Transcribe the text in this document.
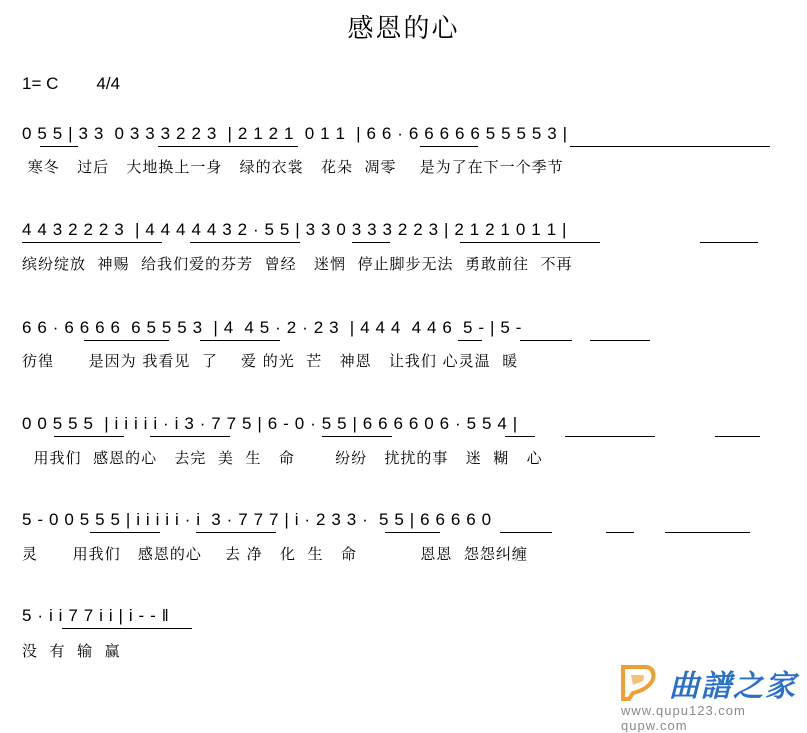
感恩的心
1= C 4/4
0 5 5 | 3 3  0 3 3 3 2 2 3  | 2 1 2 1  0 1 1  | 6 6 · 6 6 6 6 6 5 5 5 5 3 |
寒冬   过后   大地换上一身   绿的衣裳   花朵  凋零    是为了在下一个季节
4 4 3 2 2 2 3  | 4 4 4 4 4 3 2 · 5 5 | 3 3 0 3 3 3 2 2 3 | 2 1 2 1 0 1 1 |
缤纷绽放  神赐  给我们爱的芬芳  曾经   迷惘  停止脚步无法  勇敢前往  不再
6 6 · 6 6 6 6  6 5 5 5 3  | 4  4 5 · 2 · 2 3  | 4 4 4  4 4 6  5 - | 5 -
彷徨      是因为 我看见  了    爱 的光  芒   神恩   让我们 心灵温  暖
0 0 5 5 5  | i i i i i · i 3 · 7 7 5 | 6 - 0 · 5 5 | 6 6 6 6 0 6 · 5 5 4 |
用我们  感恩的心   去完  美  生   命       纷纷   扰扰的事   迷  糊   心
5 - 0 0 5 5 5 | i i i i i · i  3 · 7 7 7 | i · 2 3 3 ·  5 5 | 6 6 6 6 0
灵      用我们   感恩的心    去 净   化  生   命           恩恩  怨怨纠缠
5 · i i 7 7 i i | i - - ‖
没  有  输  赢
曲譜之家
www.qupu123.com qupw.com
